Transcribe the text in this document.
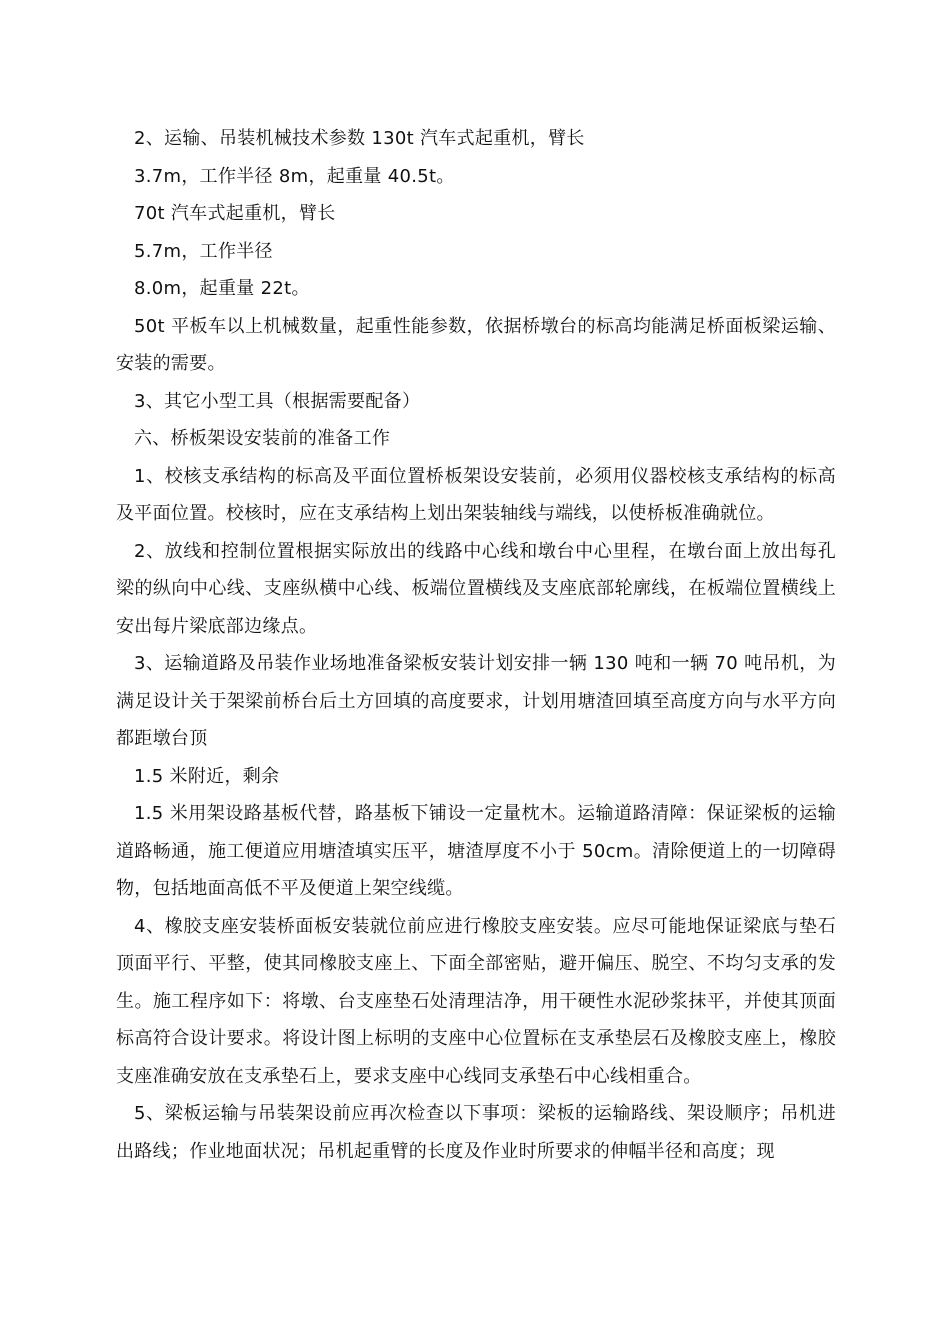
2、运输、吊装机械技术参数 130t 汽车式起重机，臂长

3.7m，工作半径 8m，起重量 40.5t。

70t 汽车式起重机，臂长

5.7m，工作半径

8.0m，起重量 22t。

50t 平板车以上机械数量，起重性能参数，依据桥墩台的标高均能满足桥面板梁运输、安装的需要。

3、其它小型工具（根据需要配备）

六、桥板架设安装前的准备工作

1、校核支承结构的标高及平面位置桥板架设安装前，必须用仪器校核支承结构的标高及平面位置。校核时，应在支承结构上划出架装轴线与端线，以使桥板准确就位。

2、放线和控制位置根据实际放出的线路中心线和墩台中心里程，在墩台面上放出每孔梁的纵向中心线、支座纵横中心线、板端位置横线及支座底部轮廓线，在板端位置横线上安出每片梁底部边缘点。

3、运输道路及吊装作业场地准备梁板安装计划安排一辆 130 吨和一辆 70 吨吊机，为满足设计关于架梁前桥台后土方回填的高度要求，计划用塘渣回填至高度方向与水平方向都距墩台顶

1.5 米附近，剩余

1.5 米用架设路基板代替，路基板下铺设一定量枕木。运输道路清障：保证梁板的运输道路畅通，施工便道应用塘渣填实压平，塘渣厚度不小于 50cm。清除便道上的一切障碍物，包括地面高低不平及便道上架空线缆。

4、橡胶支座安装桥面板安装就位前应进行橡胶支座安装。应尽可能地保证梁底与垫石顶面平行、平整，使其同橡胶支座上、下面全部密贴，避开偏压、脱空、不均匀支承的发生。施工程序如下：将墩、台支座垫石处清理洁净，用干硬性水泥砂浆抹平，并使其顶面标高符合设计要求。将设计图上标明的支座中心位置标在支承垫层石及橡胶支座上，橡胶支座准确安放在支承垫石上，要求支座中心线同支承垫石中心线相重合。

5、梁板运输与吊装架设前应再次检查以下事项：梁板的运输路线、架设顺序；吊机进出路线；作业地面状况；吊机起重臂的长度及作业时所要求的伸幅半径和高度；现
